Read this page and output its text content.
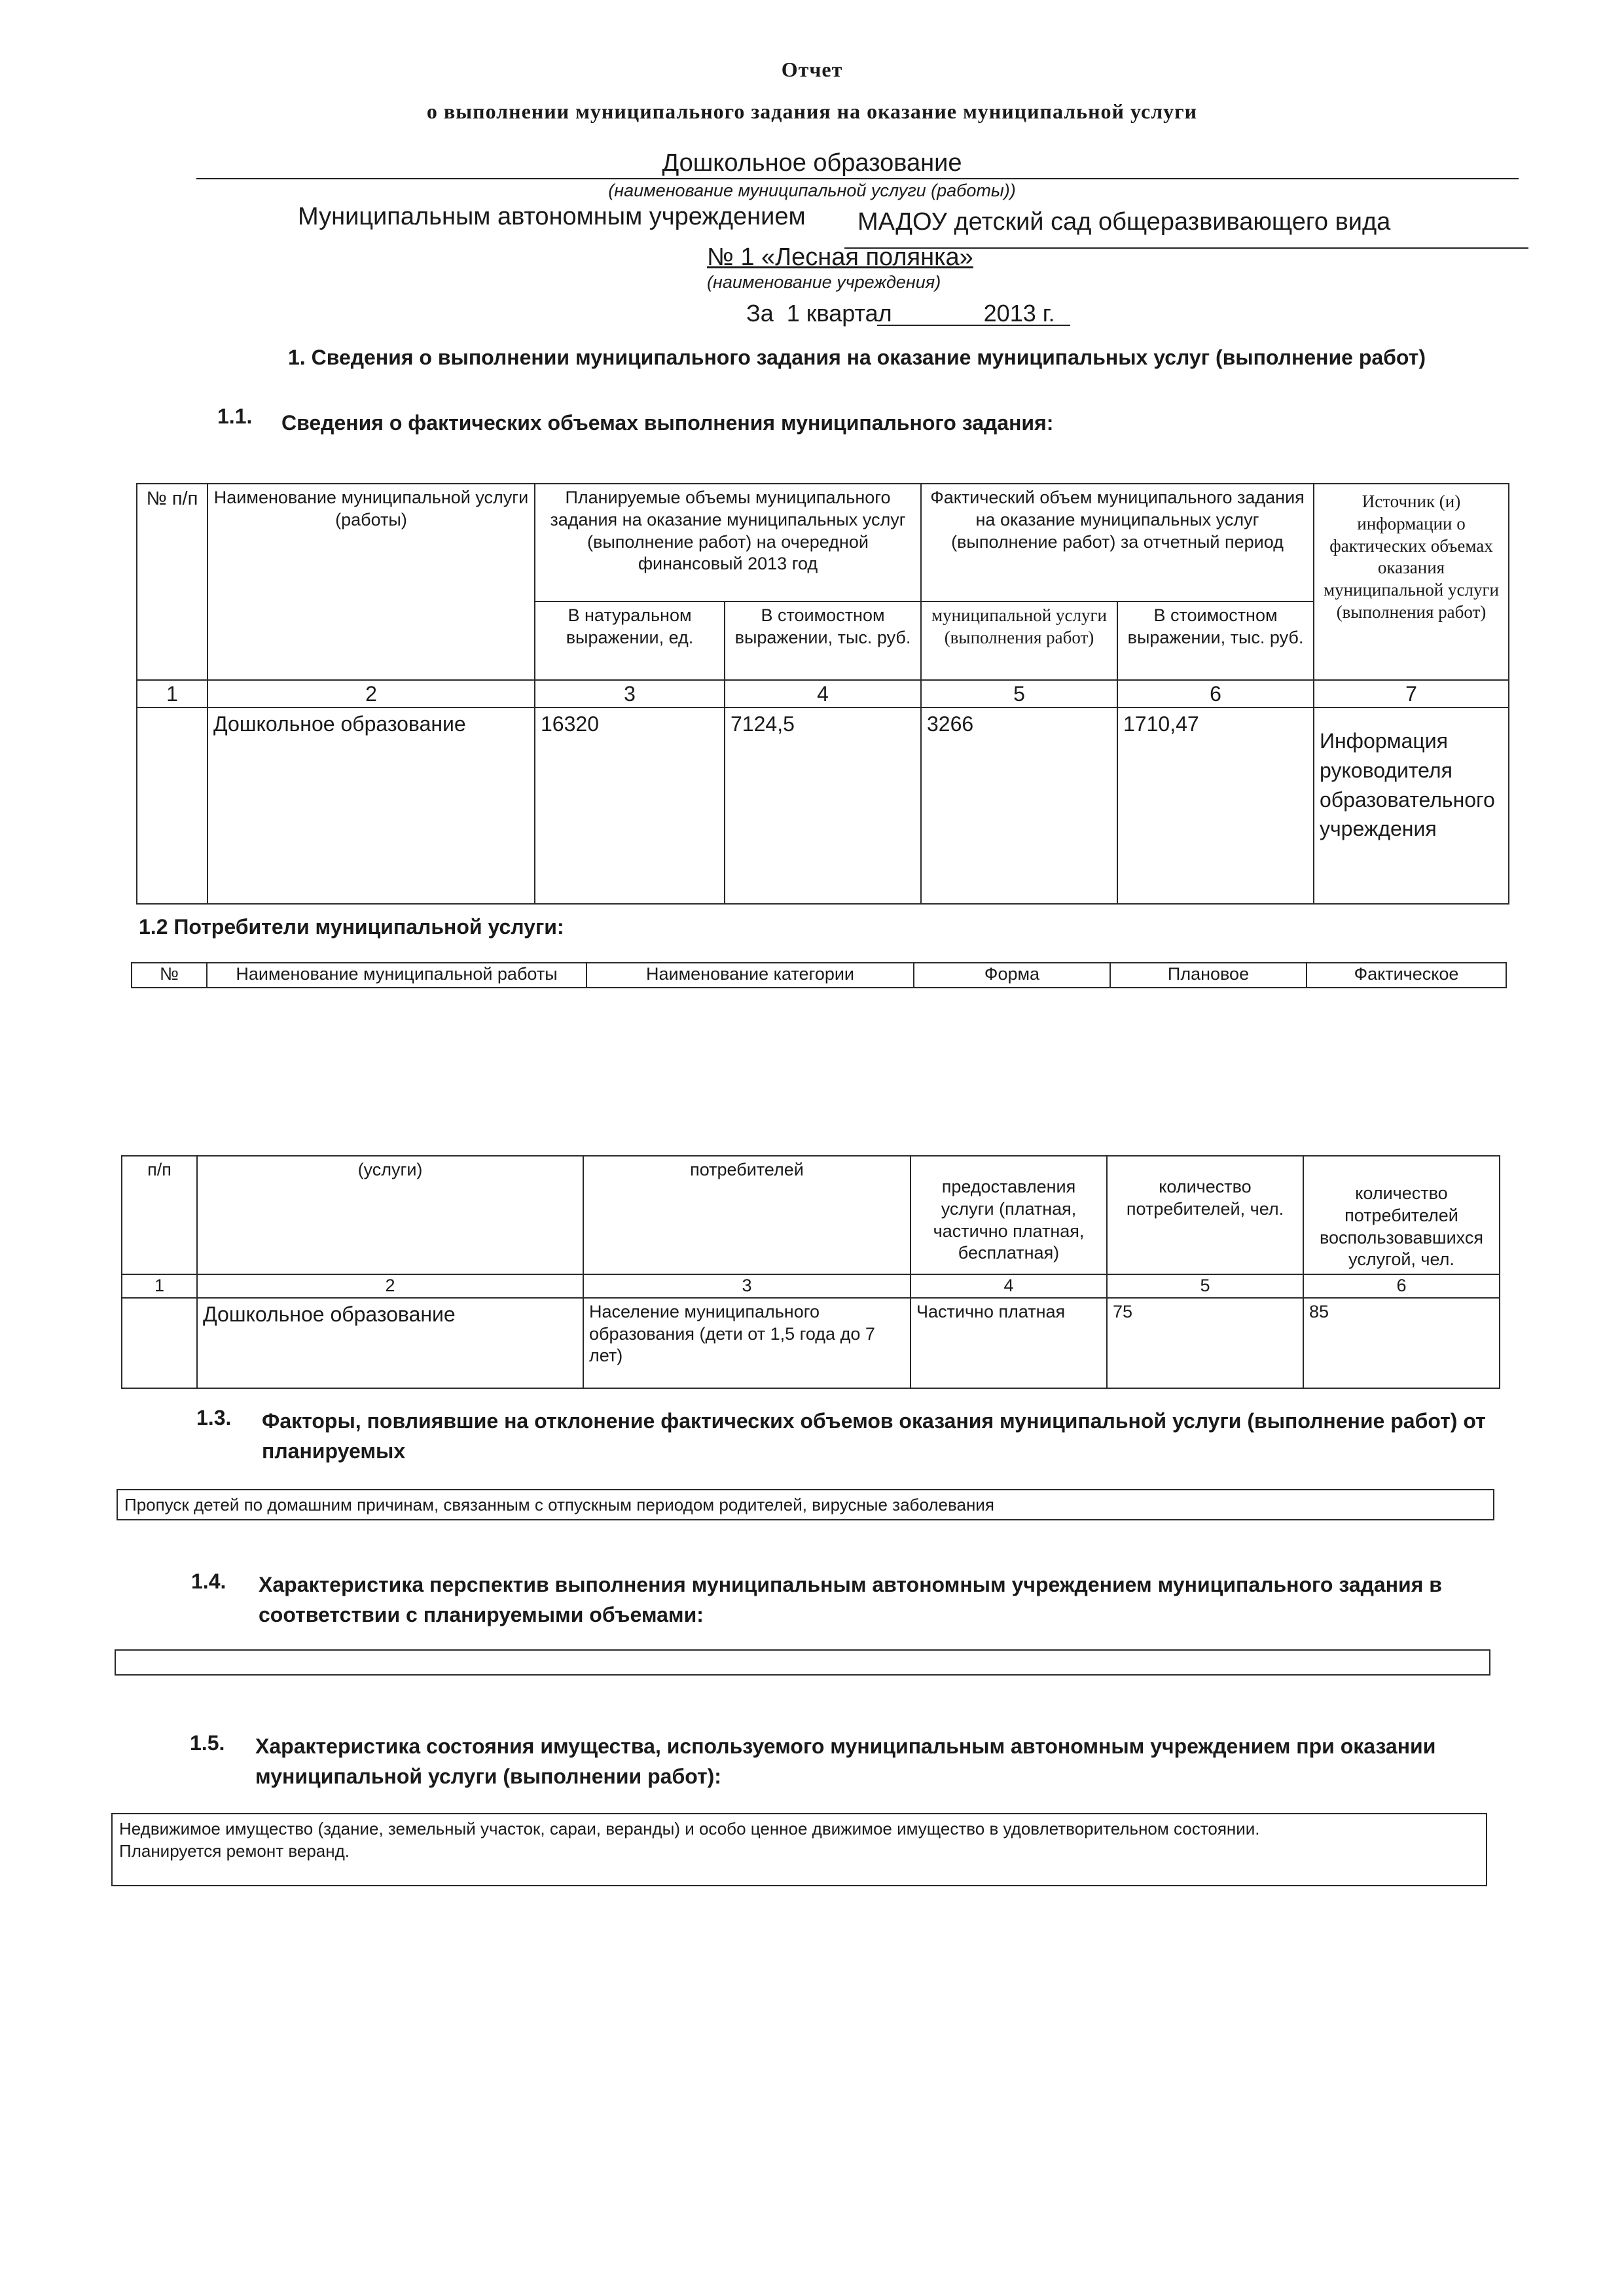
Отчет
о выполнении муниципального задания на оказание муниципальной услуги
Дошкольное образование
(наименование муниципальной услуги (работы))
Муниципальным автономным учреждением МАДОУ детский сад общеразвивающего вида
№ 1 «Лесная полянка»
(наименование учреждения)
За  1 квартал              2013 г.
1. Сведения о выполнении муниципального задания на оказание муниципальных услуг (выполнение работ)
1.1. Сведения о фактических объемах выполнения муниципального задания:
№ п/п	Наименование муниципальной услуги (работы)	Планируемые объемы муниципального задания на оказание муниципальных услуг (выполнение работ) на очередной финансовый 2013 год		Фактический объем муниципального задания на оказание муниципальных услуг (выполнение работ) за отчетный период		Источник (и) информации о фактических объемах оказания муниципальной услуги (выполнения работ)
		В натуральном выражении, ед.	В стоимостном выражении, тыс. руб.	муниципальной услуги (выполнения работ)	В стоимостном выражении, тыс. руб.	
1	2	3	4	5	6	7
	Дошкольное образование	16320	7124,5	3266	1710,47	Информация руководителя образовательного учреждения
1.2 Потребители муниципальной услуги:
№	Наименование муниципальной работы	Наименование категории	Форма	Плановое	Фактическое
п/п	(услуги)	потребителей	предоставления услуги (платная, частично платная, бесплатная)	количество потребителей, чел.	количество потребителей воспользовавшихся услугой, чел.
1	2	3	4	5	6
	Дошкольное образование	Население муниципального образования (дети от 1,5 года до 7 лет)	Частично платная	75	85
1.3. Факторы, повлиявшие на отклонение фактических объемов оказания муниципальной услуги (выполнение работ) от планируемых
Пропуск детей по домашним причинам, связанным с отпускным периодом родителей, вирусные заболевания
1.4. Характеристика перспектив выполнения муниципальным автономным учреждением муниципального задания в соответствии с планируемыми объемами:
1.5. Характеристика состояния имущества, используемого муниципальным автономным учреждением при оказании муниципальной услуги (выполнении работ):
Недвижимое имущество (здание, земельный участок, сараи, веранды) и особо ценное движимое имущество в удовлетворительном состоянии.
Планируется ремонт веранд.
